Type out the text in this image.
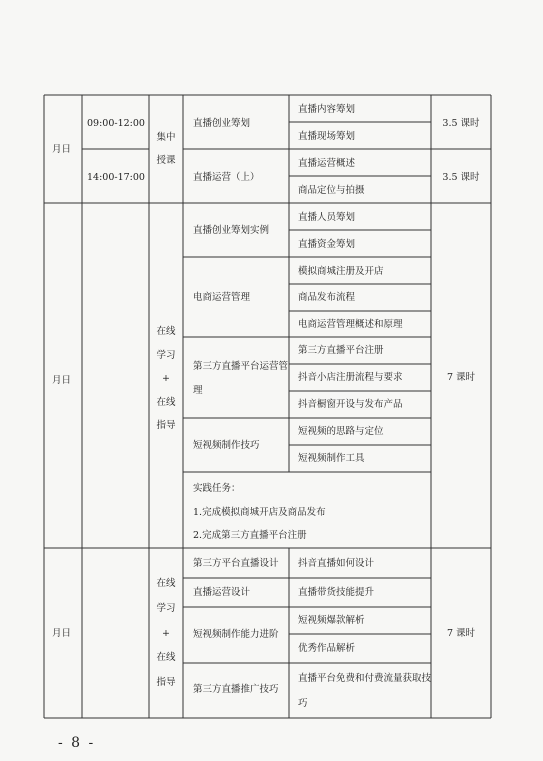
月日
09:00-12:00
14:00-17:00
集中
授课
直播创业筹划
直播内容筹划
直播现场筹划
3.5 课时
直播运营（上）
直播运营概述
商品定位与拍摄
3.5 课时
月日
在线
学习
+
在线
指导
7 课时
直播创业筹划实例
直播人员筹划
直播资金筹划
电商运营管理
模拟商城注册及开店
商品发布流程
电商运营管理概述和原理
第三方直播平台运营管
理
第三方直播平台注册
抖音小店注册流程与要求
抖音橱窗开设与发布产品
短视频制作技巧
短视频的思路与定位
短视频制作工具
实践任务：
1.完成模拟商城开店及商品发布
2.完成第三方直播平台注册
月日
在线
学习
+
在线
指导
7 课时
第三方平台直播设计 抖音直播如何设计
直播运营设计	直播带货技能提升
短视频制作能力进阶
短视频爆款解析
优秀作品解析
第三方直播推广技巧
直播平台免费和付费流量获取技
巧
- 8 -
